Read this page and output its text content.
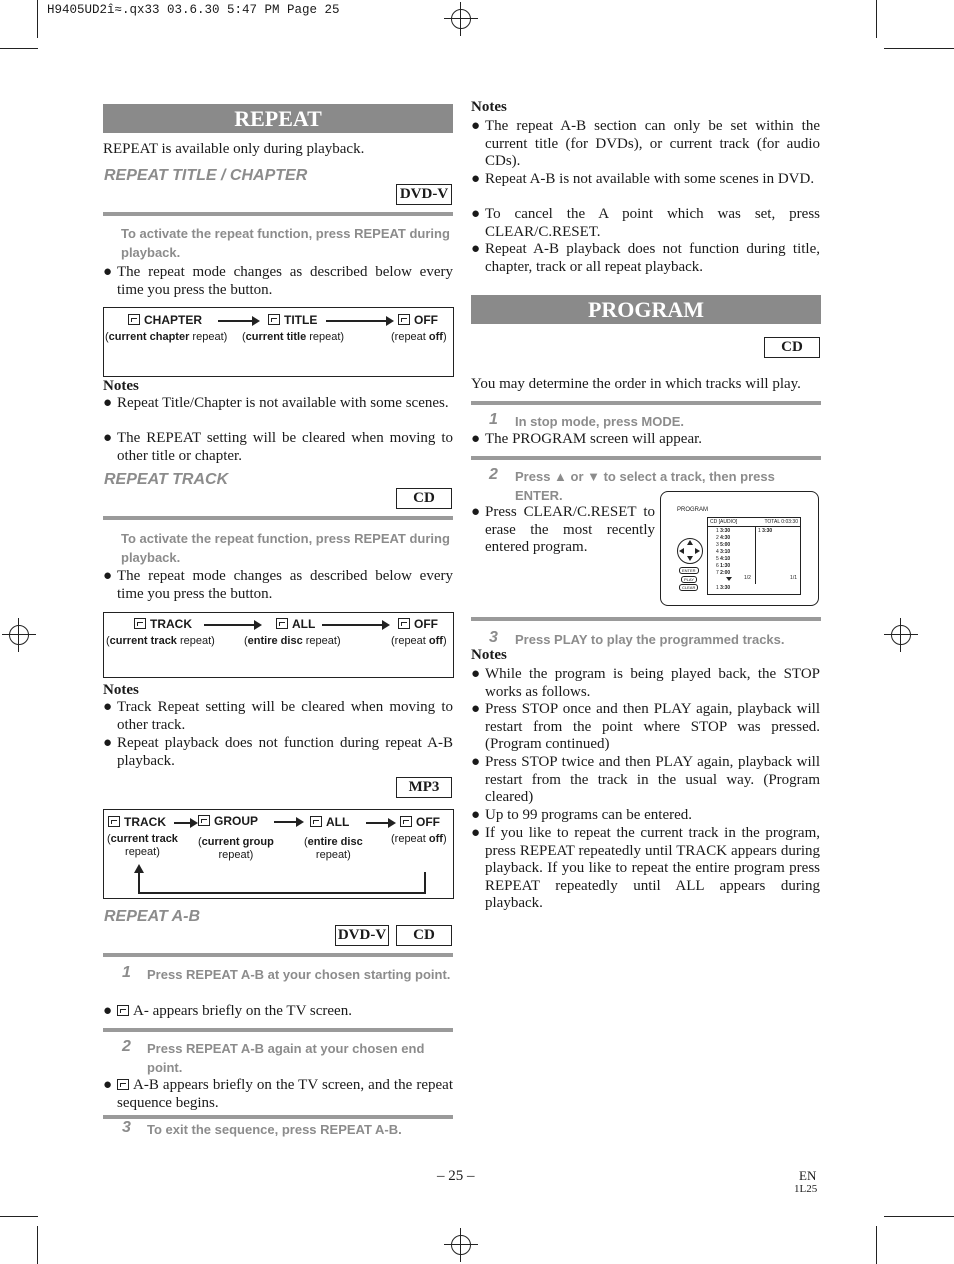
H9405UD2î≈.qx33 03.6.30 5:47 PM Page 25
REPEAT
REPEAT is available only during playback.
REPEAT TITLE / CHAPTER
DVD-V
To activate the repeat function, press REPEAT during playback.
● The repeat mode changes as described below every time you press the button.
CHAPTER	TITLE	OFF
(current chapter repeat) (current title repeat)	(repeat off)
Notes
● Repeat Title/Chapter is not available with some scenes.
● The REPEAT setting will be cleared when moving to other title or chapter.
REPEAT TRACK
CD
To activate the repeat function, press REPEAT during playback.
● The repeat mode changes as described below every time you press the button.
TRACK	ALL	OFF
(current track repeat)	(entire disc repeat)	(repeat off)
Notes
● Track Repeat setting will be cleared when moving to other track.
● Repeat playback does not function during repeat A-B playback.
MP3
TRACK	GROUP	ALL	OFF
(current track
repeat)
(current group
repeat)
(entire disc
repeat)
(repeat off)
REPEAT A-B
DVD-V	CD
1 Press REPEAT A-B at your chosen starting point.
●	A- appears briefly on the TV screen.
2 Press REPEAT A-B again at your chosen end point.
●	A-B appears briefly on the TV screen, and the repeat sequence begins.
3 To exit the sequence, press REPEAT A-B.
Notes
● The repeat A-B section can only be set within the current title (for DVDs), or current track (for audio CDs).
● Repeat A-B is not available with some scenes in DVD.
● To cancel the A point which was set, press CLEAR/C.RESET.
● Repeat A-B playback does not function during title, chapter, track or all repeat playback.
PROGRAM
CD
You may determine the order in which tracks will play.
1 In stop mode, press MODE.
● The PROGRAM screen will appear.
2 Press ▲ or ▼ to select a track, then press ENTER.
● Press CLEAR/C.RESET to erase the most recently entered program.
PROGRAM
CD [AUDIO]	TOTAL 0:03:30
1 3:30
2 4:30
3 5:00
4 3:10
5 4:10
6 1:30
7 2:00
1/2
1 3:30
1/1
1 3:30
ENTER
PLAY
CLEAR
3 Press PLAY to play the programmed tracks.
Notes
● While the program is being played back, the STOP works as follows.
● Press STOP once and then PLAY again, playback will restart from the point where STOP was pressed. (Program continued)
● Press STOP twice and then PLAY again, playback will restart from the track in the usual way. (Program cleared)
● Up to 99 programs can be entered.
● If you like to repeat the current track in the program, press REPEAT repeatedly until TRACK appears during playback. If you like to repeat the entire program press REPEAT repeatedly until ALL appears during playback.
– 25 –	EN
1L25
